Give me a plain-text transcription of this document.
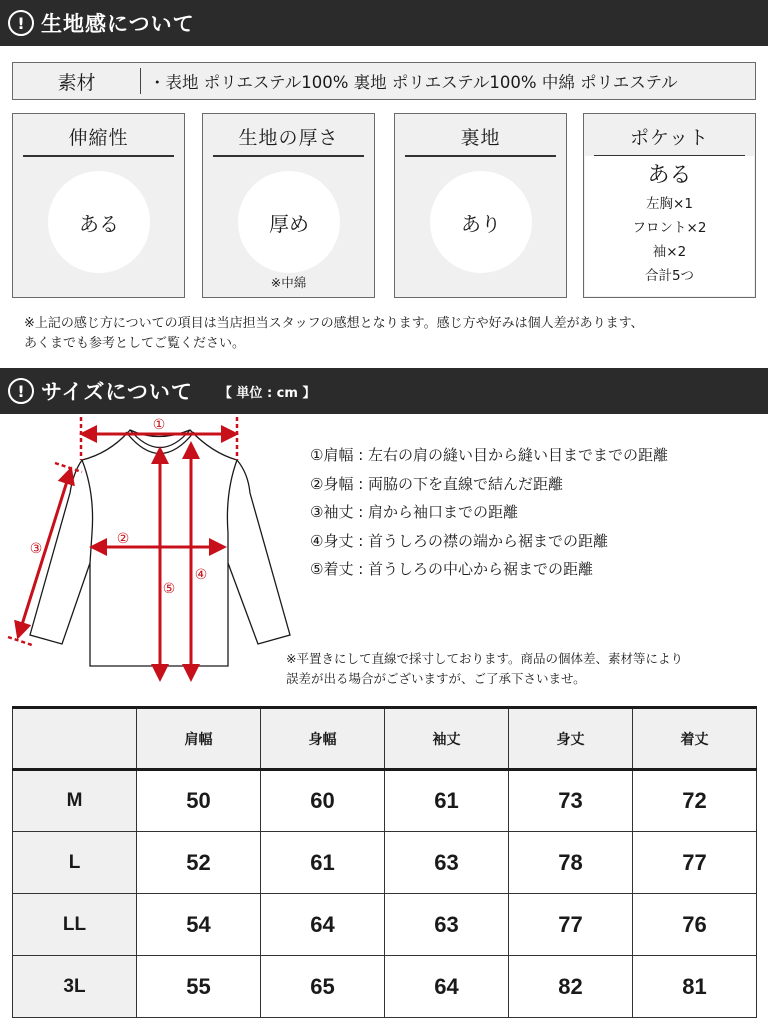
! 生地感について
素材	・表地 ポリエステル100% 裏地 ポリエステル100% 中綿 ポリエステル
伸縮性
ある
生地の厚さ
厚め
※中綿
裏地
あり
ポケット
ある
左胸×1
フロント×2
袖×2
合計5つ
※上記の感じ方についての項目は当店担当スタッフの感想となります。感じ方や好みは個人差があります、
あくまでも参考としてご覧ください。
! サイズについて 【 単位 : cm 】
①
②
③
④
⑤
①肩幅 : 左右の肩の縫い目から縫い目までまでの距離
②身幅 : 両脇の下を直線で結んだ距離
③袖丈 : 肩から袖口までの距離
④身丈 : 首うしろの襟の端から裾までの距離
⑤着丈 : 首うしろの中心から裾までの距離
※平置きにして直線で採寸しております。商品の個体差、素材等により
誤差が出る場合がございますが、ご了承下さいませ。
	肩幅	身幅	袖丈	身丈	着丈
M	50	60	61	73	72
L	52	61	63	78	77
LL	54	64	63	77	76
3L	55	65	64	82	81
